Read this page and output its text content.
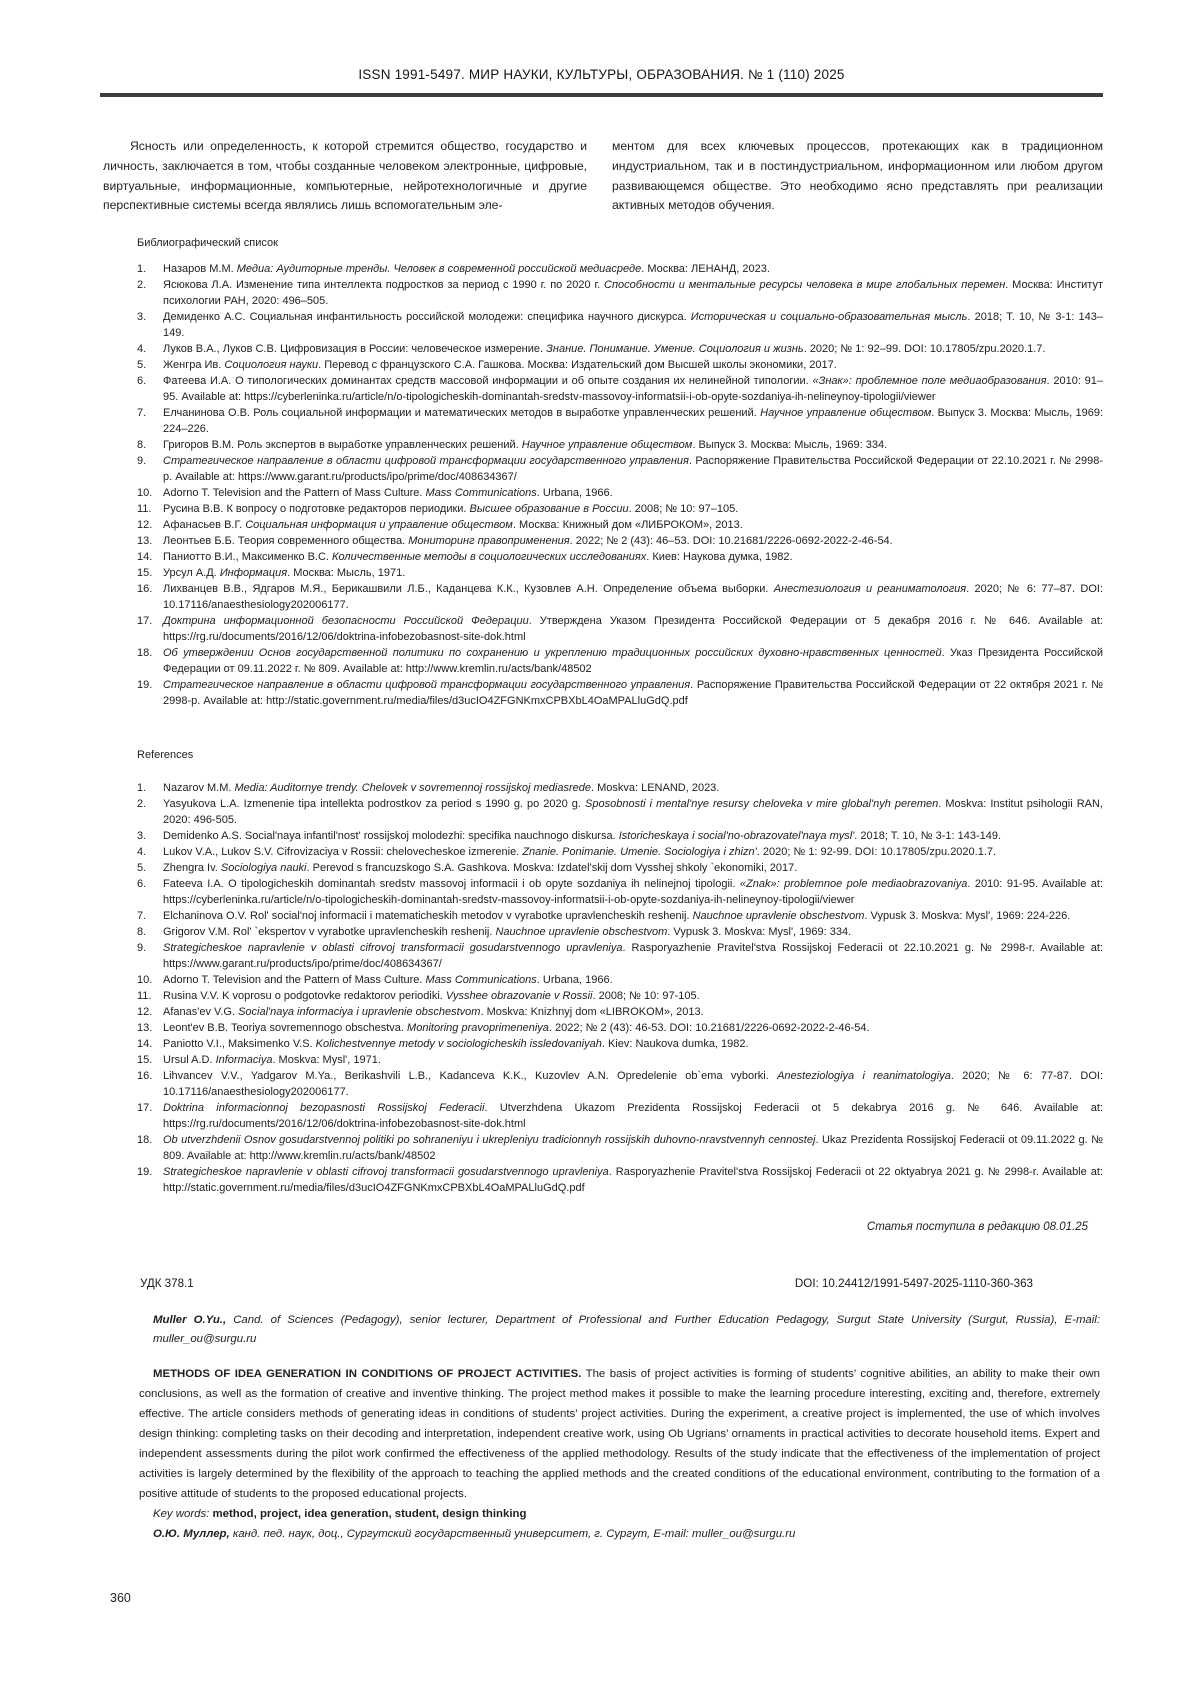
ISSN 1991-5497. МИР НАУКИ, КУЛЬТУРЫ, ОБРАЗОВАНИЯ. № 1 (110) 2025

Ясность или определенность, к которой стремится общество, государство и личность, заключается в том, чтобы созданные человеком электронные, цифровые, виртуальные, информационные, компьютерные, нейротехнологичные и другие перспективные системы всегда являлись лишь вспомогательным эле-

ментом для всех ключевых процессов, протекающих как в традиционном индустриальном, так и в постиндустриальном, информационном или любом другом развивающемся обществе. Это необходимо ясно представлять при реализации активных методов обучения.

Библиографический список
1.	Назаров М.М. Медиа: Аудиторные тренды. Человек в современной российской медиасреде. Москва: ЛЕНАНД, 2023.
2.	Ясюкова Л.А. Изменение типа интеллекта подростков за период с 1990 г. по 2020 г. Способности и ментальные ресурсы человека в мире глобальных перемен. Москва: Институт психологии РАН, 2020: 496–505.
3.	Демиденко А.С. Социальная инфантильность российской молодежи: специфика научного дискурса. Историческая и социально-образовательная мысль. 2018; Т. 10, № 3-1: 143–149.
4.	Луков В.А., Луков С.В. Цифровизация в России: человеческое измерение. Знание. Понимание. Умение. Социология и жизнь. 2020; № 1: 92–99. DOI: 10.17805/zpu.2020.1.7.
5.	Женгра Ив. Социология науки. Перевод с французского С.А. Гашкова. Москва: Издательский дом Высшей школы экономики, 2017.
6.	Фатеева И.А. О типологических доминантах средств массовой информации и об опыте создания их нелинейной типологии. «Знак»: проблемное поле медиаобразования. 2010: 91–95. Available at: https://cyberleninka.ru/article/n/o-tipologicheskih-dominantah-sredstv-massovoy-informatsii-i-ob-opyte-sozdaniya-ih-nelineynoy-tipologii/viewer
7.	Елчанинова О.В. Роль социальной информации и математических методов в выработке управленческих решений. Научное управление обществом. Выпуск 3. Москва: Мысль, 1969: 224–226.
8.	Григоров В.М. Роль экспертов в выработке управленческих решений. Научное управление обществом. Выпуск 3. Москва: Мысль, 1969: 334.
9.	Стратегическое направление в области цифровой трансформации государственного управления. Распоряжение Правительства Российской Федерации от 22.10.2021 г. № 2998-р. Available at: https://www.garant.ru/products/ipo/prime/doc/408634367/
10. Adorno T. Television and the Pattern of Mass Culture. Mass Communications. Urbana, 1966.
11.	Русина В.В. К вопросу о подготовке редакторов периодики. Высшее образование в России. 2008; № 10: 97–105.
12. Афанасьев В.Г. Социальная информация и управление обществом. Москва: Книжный дом «ЛИБРОКОМ», 2013.
13. Леонтьев Б.Б. Теория современного общества. Мониторинг правоприменения. 2022; № 2 (43): 46–53. DOI: 10.21681/2226-0692-2022-2-46-54.
14. Паниотто В.И., Максименко В.С. Количественные методы в социологических исследованиях. Киев: Наукова думка, 1982.
15. Урсул А.Д. Информация. Москва: Мысль, 1971.
16. Лихванцев В.В., Ядгаров М.Я., Берикашвили Л.Б., Каданцева К.К., Кузовлев А.Н. Определение объема выборки. Анестезиология и реаниматология. 2020; № 6: 77–87. DOI: 10.17116/anaesthesiology202006177.
17. Доктрина информационной безопасности Российской Федерации. Утверждена Указом Президента Российской Федерации от 5 декабря 2016 г. № 646. Available at: https://rg.ru/documents/2016/12/06/doktrina-infobezobasnost-site-dok.html
18. Об утверждении Основ государственной политики по сохранению и укреплению традиционных российских духовно-нравственных ценностей. Указ Президента Российской Федерации от 09.11.2022 г. № 809. Available at: http://www.kremlin.ru/acts/bank/48502
19. Стратегическое направление в области цифровой трансформации государственного управления. Распоряжение Правительства Российской Федерации от 22 октября 2021 г. № 2998-р. Available at: http://static.government.ru/media/files/d3ucIO4ZFGNKmxCPBXbL4OaMPALluGdQ.pdf
References
1.	Nazarov M.M. Media: Auditornye trendy. Chelovek v sovremennoj rossijskoj mediasrede. Moskva: LENAND, 2023.
2.	Yasyukova L.A. Izmenenie tipa intellekta podrostkov za period s 1990 g. po 2020 g. Sposobnosti i mental'nye resursy cheloveka v mire global'nyh peremen. Moskva: Institut psihologii RAN, 2020: 496-505.
3.	Demidenko A.S. Social'naya infantil'nost' rossijskoj molodezhi: specifika nauchnogo diskursa. Istoricheskaya i social'no-obrazovatel'naya mysl'. 2018; T. 10, № 3-1: 143-149.
4.	Lukov V.A., Lukov S.V. Cifrovizaciya v Rossii: chelovecheskoe izmerenie. Znanie. Ponimanie. Umenie. Sociologiya i zhizn'. 2020; № 1: 92-99. DOI: 10.17805/zpu.2020.1.7.
5.	Zhengra Iv. Sociologiya nauki. Perevod s francuzskogo S.A. Gashkova. Moskva: Izdatel'skij dom Vysshej shkoly `ekonomiki, 2017.
6.	Fateeva I.A. O tipologicheskih dominantah sredstv massovoj informacii i ob opyte sozdaniya ih nelinejnoj tipologii. «Znak»: problemnoe pole mediaobrazovaniya. 2010: 91-95. Available at: https://cyberleninka.ru/article/n/o-tipologicheskih-dominantah-sredstv-massovoy-informatsii-i-ob-opyte-sozdaniya-ih-nelineynoy-tipologii/viewer
7.	Elchaninova O.V. Rol' social'noj informacii i matematicheskih metodov v vyrabotke upravlencheskih reshenij. Nauchnoe upravlenie obschestvom. Vypusk 3. Moskva: Mysl', 1969: 224-226.
8.	Grigorov V.M. Rol' `ekspertov v vyrabotke upravlencheskih reshenij. Nauchnoe upravlenie obschestvom. Vypusk 3. Moskva: Mysl', 1969: 334.
9.	Strategicheskoe napravlenie v oblasti cifrovoj transformacii gosudarstvennogo upravleniya. Rasporyazhenie Pravitel'stva Rossijskoj Federacii ot 22.10.2021 g. № 2998-r. Available at: https://www.garant.ru/products/ipo/prime/doc/408634367/
10. Adorno T. Television and the Pattern of Mass Culture. Mass Communications. Urbana, 1966.
11.	Rusina V.V. K voprosu o podgotovke redaktorov periodiki. Vysshee obrazovanie v Rossii. 2008; № 10: 97-105.
12. Afanas'ev V.G. Social'naya informaciya i upravlenie obschestvom. Moskva: Knizhnyj dom «LIBROKOM», 2013.
13. Leont'ev B.B. Teoriya sovremennogo obschestva. Monitoring pravoprimeneniya. 2022; № 2 (43): 46-53. DOI: 10.21681/2226-0692-2022-2-46-54.
14. Paniotto V.I., Maksimenko V.S. Kolichestvennye metody v sociologicheskih issledovaniyah. Kiev: Naukova dumka, 1982.
15. Ursul A.D. Informaciya. Moskva: Mysl', 1971.
16. Lihvancev V.V., Yadgarov M.Ya., Berikashvili L.B., Kadanceva K.K., Kuzovlev A.N. Opredelenie ob`ema vyborki. Anesteziologiya i reanimatologiya. 2020; № 6: 77-87. DOI: 10.17116/anaesthesiology202006177.
17. Doktrina informacionnoj bezopasnosti Rossijskoj Federacii. Utverzhdena Ukazom Prezidenta Rossijskoj Federacii ot 5 dekabrya 2016 g. № 646. Available at: https://rg.ru/documents/2016/12/06/doktrina-infobezobasnost-site-dok.html
18. Ob utverzhdenii Osnov gosudarstvennoj politiki po sohraneniyu i ukrepleniyu tradicionnyh rossijskih duhovno-nravstvennyh cennostej. Ukaz Prezidenta Rossijskoj Federacii ot 09.11.2022 g. № 809. Available at: http://www.kremlin.ru/acts/bank/48502
19. Strategicheskoe napravlenie v oblasti cifrovoj transformacii gosudarstvennogo upravleniya. Rasporyazhenie Pravitel'stva Rossijskoj Federacii ot 22 oktyabrya 2021 g. № 2998-r. Available at: http://static.government.ru/media/files/d3ucIO4ZFGNKmxCPBXbL4OaMPALluGdQ.pdf
Статья поступила в редакцию 08.01.25
УДК 378.1	DOI: 10.24412/1991-5497-2025-1110-360-363
Muller O.Yu., Cand. of Sciences (Pedagogy), senior lecturer, Department of Professional and Further Education Pedagogy, Surgut State University (Surgut, Russia), E-mail: muller_ou@surgu.ru

METHODS OF IDEA GENERATION IN CONDITIONS OF PROJECT ACTIVITIES. The basis of project activities is forming of students’ cognitive abilities, an ability to make their own conclusions, as well as the formation of creative and inventive thinking. The project method makes it possible to make the learning procedure interesting, exciting and, therefore, extremely effective. The article considers methods of generating ideas in conditions of students’ project activities. During the experiment, a creative project is implemented, the use of which involves design thinking: completing tasks on their decoding and interpretation, independent creative work, using Ob Ugrians’ ornaments in practical activities to decorate household items. Expert and independent assessments during the pilot work confirmed the effectiveness of the applied methodology. Results of the study indicate that the effectiveness of the implementation of project activities is largely determined by the flexibility of the approach to teaching the applied methods and the created conditions of the educational environment, contributing to the formation of a positive attitude of students to the proposed educational projects.

Key words: method, project, idea generation, student, design thinking

О.Ю. Муллер, канд. пед. наук, доц., Сургутский государственный университет, г. Сургут, E-mail: muller_ou@surgu.ru

360
